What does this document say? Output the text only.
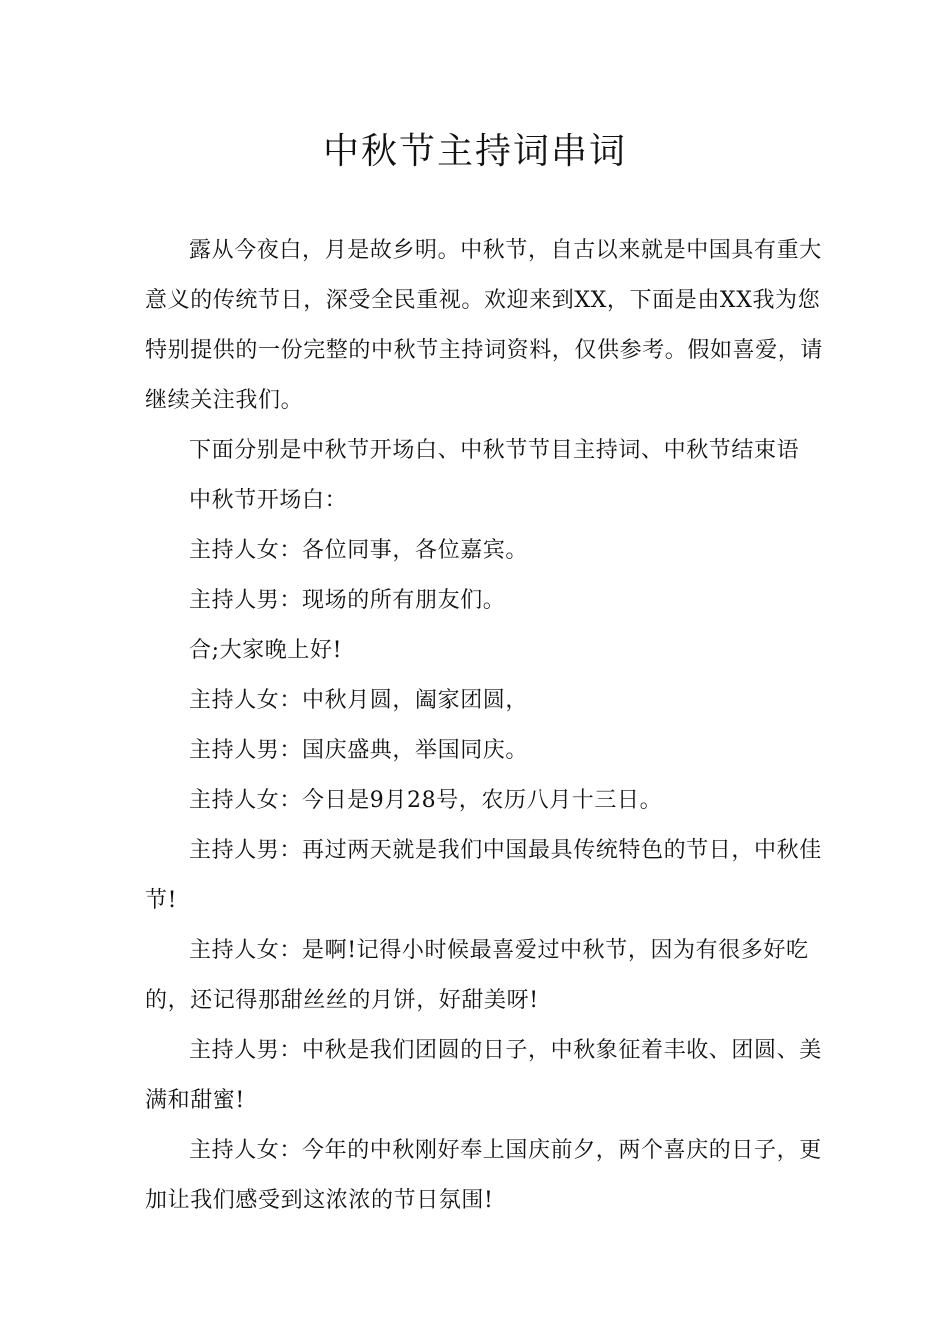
中秋节主持词串词

露从今夜白，月是故乡明。中秋节，自古以来就是中国具有重大意义的传统节日，深受全民重视。欢迎来到XX，下面是由XX我为您特别提供的一份完整的中秋节主持词资料，仅供参考。假如喜爱，请继续关注我们。

下面分别是中秋节开场白、中秋节节目主持词、中秋节结束语

中秋节开场白：

主持人女：各位同事，各位嘉宾。

主持人男：现场的所有朋友们。

合;大家晚上好!

主持人女：中秋月圆，阖家团圆，

主持人男：国庆盛典，举国同庆。

主持人女：今日是9月28号，农历八月十三日。

主持人男：再过两天就是我们中国最具传统特色的节日，中秋佳节!

主持人女：是啊!记得小时候最喜爱过中秋节，因为有很多好吃的，还记得那甜丝丝的月饼，好甜美呀!

主持人男：中秋是我们团圆的日子，中秋象征着丰收、团圆、美满和甜蜜!

主持人女：今年的中秋刚好奉上国庆前夕，两个喜庆的日子，更加让我们感受到这浓浓的节日氛围!
